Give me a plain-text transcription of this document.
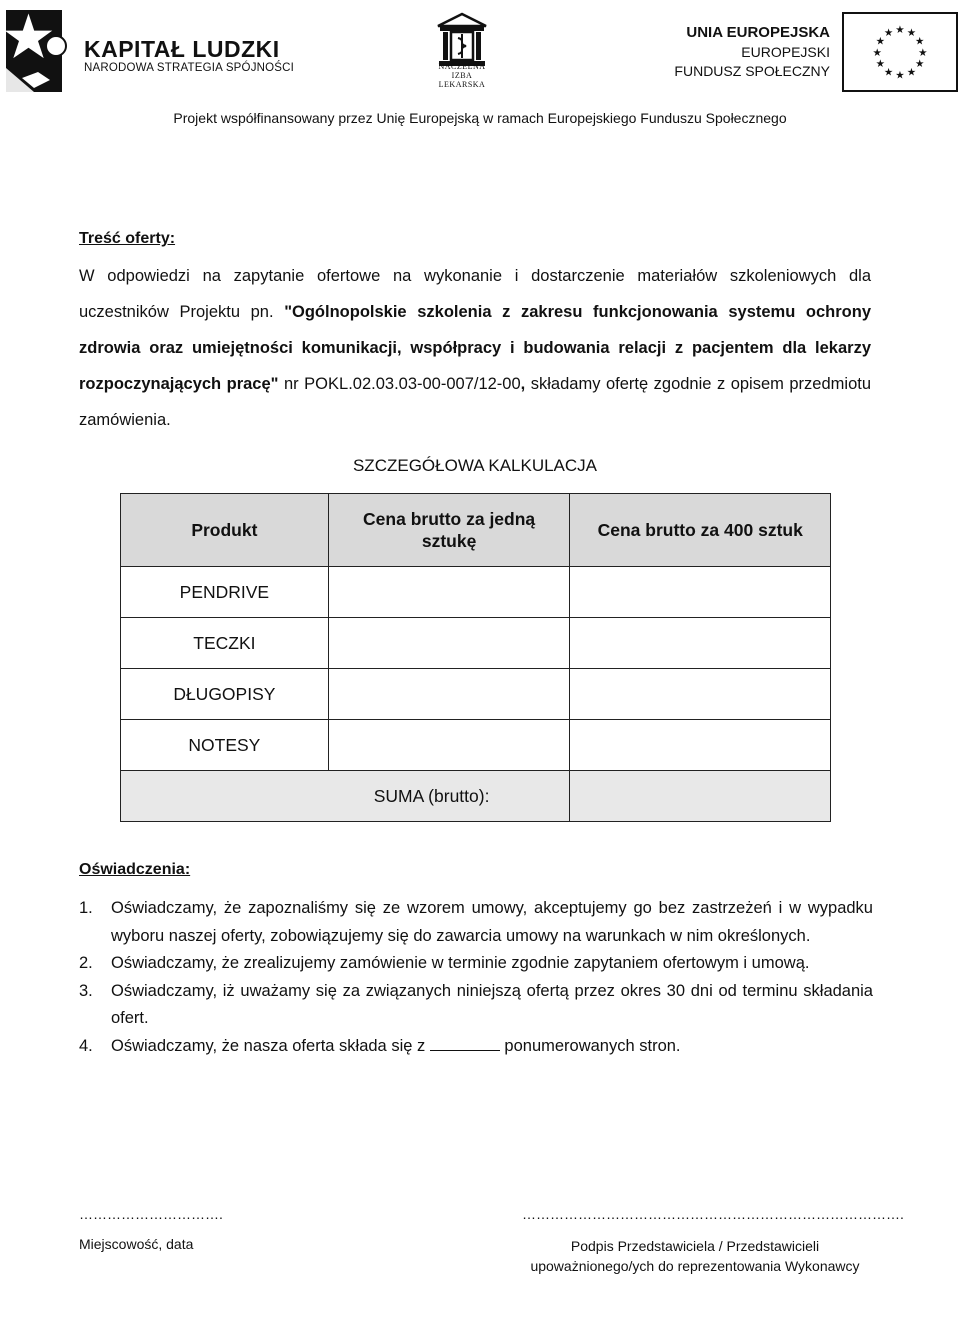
KAPITAŁ LUDZKI
NARODOWA STRATEGIA SPÓJNOŚCI	NACZELNA
IZBA LEKARSKA
UNIA EUROPEJSKA
EUROPEJSKI
FUNDUSZ SPOŁECZNY
★ ★
★
★
★
★
★
★
★
★
★
★
Projekt współfinansowany przez Unię Europejską w ramach Europejskiego Funduszu Społecznego
Treść oferty:
W odpowiedzi na zapytanie ofertowe na wykonanie i dostarczenie materiałów szkoleniowych dla uczestników Projektu pn. "Ogólnopolskie szkolenia z zakresu funkcjonowania systemu ochrony zdrowia oraz umiejętności komunikacji, współpracy i budowania relacji z pacjentem dla lekarzy rozpoczynających pracę" nr POKL.02.03.03-00-007/12-00, składamy ofertę zgodnie z opisem przedmiotu zamówienia.
SZCZEGÓŁOWA KALKULACJA
Produkt	Cena brutto za jedną sztukę	Cena brutto za 400 sztuk
PENDRIVE		
TECZKI		
DŁUGOPISY		
NOTESY		
SUMA (brutto):		
Oświadczenia:
1. Oświadczamy, że zapoznaliśmy się ze wzorem umowy, akceptujemy go bez zastrzeżeń i w wypadku wyboru naszej oferty, zobowiązujemy się do zawarcia umowy na warunkach w nim określonych.
2. Oświadczamy, że zrealizujemy zamówienie w terminie zgodnie zapytaniem ofertowym i umową.
3. Oświadczamy, iż uważamy się za związanych niniejszą ofertą przez okres 30 dni od terminu składania ofert.
4. Oświadczamy, że nasza oferta składa się z	ponumerowanych stron.
………………………….	……………………………………………………………………….
Miejscowość, data	Podpis Przedstawiciela / Przedstawicieli
upoważnionego/ych do reprezentowania Wykonawcy
